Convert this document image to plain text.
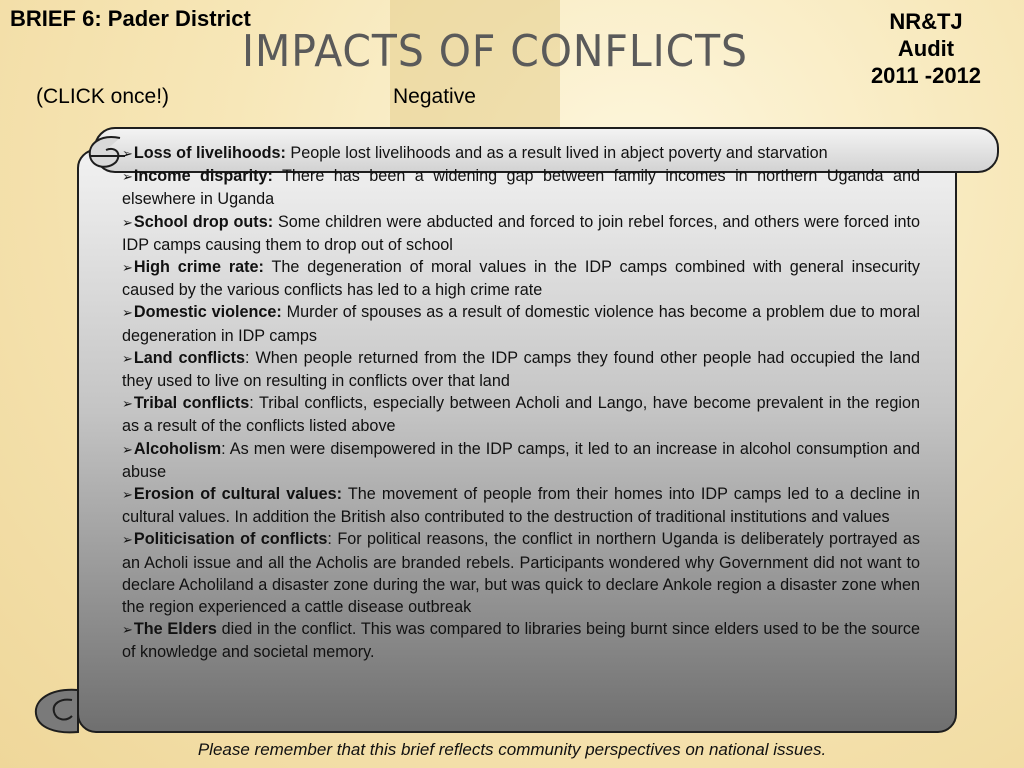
BRIEF 6: Pader District
IMPACTS OF CONFLICTS
NR&TJ
Audit
2011 -2012
(CLICK once!)	Negative

➢Loss of livelihoods: People lost livelihoods and as a result lived in abject poverty and starvation

➢Income disparity: There has been a widening gap between family incomes in northern Uganda and elsewhere in Uganda

➢School drop outs: Some children were abducted and forced to join rebel forces, and others were forced into IDP camps causing them to drop out of school

➢High crime rate: The degeneration of moral values in the IDP camps combined with general insecurity caused by the various conflicts has led to a high crime rate

➢Domestic violence: Murder of spouses as a result of domestic violence has become a problem due to moral degeneration in IDP camps

➢Land conflicts: When people returned from the IDP camps they found other people had occupied the land they used to live on resulting in conflicts over that land

➢Tribal conflicts: Tribal conflicts, especially between Acholi and Lango, have become prevalent in the region as a result of the conflicts listed above

➢Alcoholism: As men were disempowered in the IDP camps, it led to an increase in alcohol consumption and abuse

➢Erosion of cultural values: The movement of people from their homes into IDP camps led to a decline in cultural values. In addition the British also contributed to the destruction of traditional institutions and values

➢Politicisation of conflicts: For political reasons, the conflict in northern Uganda is deliberately portrayed as an Acholi issue and all the Acholis are branded rebels. Participants wondered why Government did not want to declare Acholiland a disaster zone during the war, but was quick to declare Ankole region a disaster zone when the region experienced a cattle disease outbreak

➢The Elders died in the conflict. This was compared to libraries being burnt since elders used to be the source of knowledge and societal memory.

Please remember that this brief reflects community perspectives on national issues.
